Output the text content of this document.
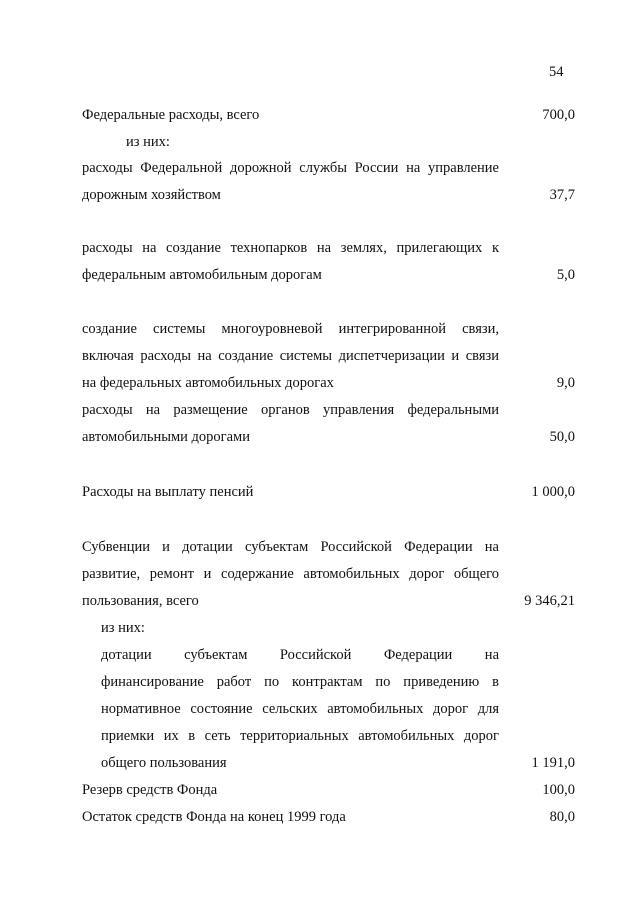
54
Федеральные расходы, всего	700,0
из них:
расходы Федеральной дорожной службы России на управление
дорожным хозяйством	37,7
расходы на создание технопарков на землях, прилегающих к
федеральным автомобильным дорогам	5,0
создание системы многоуровневой интегрированной связи,
включая расходы на создание системы диспетчеризации и связи
на федеральных автомобильных дорогах	9,0
расходы на размещение органов управления федеральными
автомобильными дорогами	50,0
Расходы на выплату пенсий	1 000,0
Субвенции и дотации субъектам Российской Федерации на
развитие, ремонт и содержание автомобильных дорог общего
пользования, всего	9 346,21
из них:
дотации субъектам Российской Федерации на
финансирование работ по контрактам по приведению в
нормативное состояние сельских автомобильных дорог для
приемки их в сеть территориальных автомобильных дорог
общего пользования	1 191,0
Резерв средств Фонда	100,0
Остаток средств Фонда на конец 1999 года	80,0
